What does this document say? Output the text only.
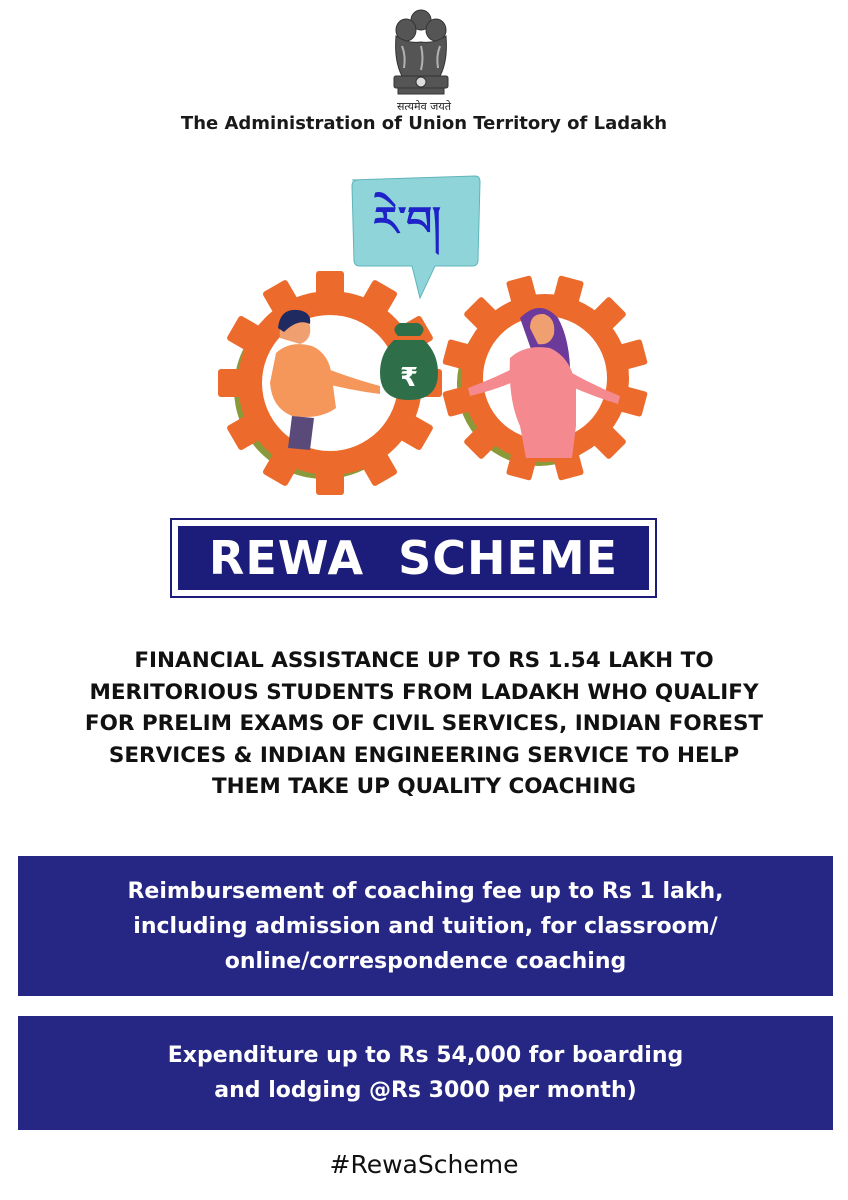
सत्यमेव जयते
The Administration of Union Territory of Ladakh
₹
རེ་བ།
REWA  SCHEME
FINANCIAL ASSISTANCE UP TO RS 1.54 LAKH TO
MERITORIOUS STUDENTS FROM LADAKH WHO QUALIFY
FOR PRELIM EXAMS OF CIVIL SERVICES, INDIAN FOREST
SERVICES & INDIAN ENGINEERING SERVICE TO HELP
THEM TAKE UP QUALITY COACHING
Reimbursement of coaching fee up to Rs 1 lakh,
including admission and tuition, for classroom/
online/correspondence coaching
Expenditure up to Rs 54,000 for boarding
and lodging @Rs 3000 per month)
#RewaScheme
